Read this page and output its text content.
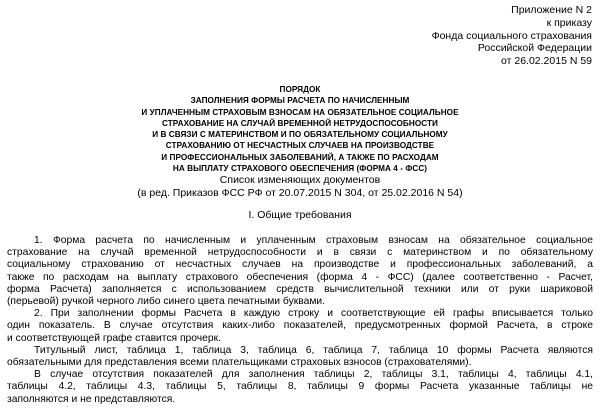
Приложение N 2
к приказу
Фонда социального страхования
Российской Федерации
от 26.02.2015 N 59
ПОРЯДОК
ЗАПОЛНЕНИЯ ФОРМЫ РАСЧЕТА ПО НАЧИСЛЕННЫМ
И УПЛАЧЕННЫМ СТРАХОВЫМ ВЗНОСАМ НА ОБЯЗАТЕЛЬНОЕ СОЦИАЛЬНОЕ
СТРАХОВАНИЕ НА СЛУЧАЙ ВРЕМЕННОЙ НЕТРУДОСПОСОБНОСТИ
И В СВЯЗИ С МАТЕРИНСТВОМ И ПО ОБЯЗАТЕЛЬНОМУ СОЦИАЛЬНОМУ
СТРАХОВАНИЮ ОТ НЕСЧАСТНЫХ СЛУЧАЕВ НА ПРОИЗВОДСТВЕ
И ПРОФЕССИОНАЛЬНЫХ ЗАБОЛЕВАНИЙ, А ТАКЖЕ ПО РАСХОДАМ
НА ВЫПЛАТУ СТРАХОВОГО ОБЕСПЕЧЕНИЯ (ФОРМА 4 - ФСС)
Список изменяющих документов
(в ред. Приказов ФСС РФ от 20.07.2015 N 304, от 25.02.2016 N 54)
I. Общие требования

1. Форма расчета по начисленным и уплаченным страховым взносам на обязательное социальное

страхование на случай временной нетрудоспособности и в связи с материнством и по обязательному

социальному страхованию от несчастных случаев на производстве и профессиональных заболеваний, а

также по расходам на выплату страхового обеспечения (форма 4 - ФСС) (далее соответственно - Расчет,

формa Расчета) заполняется с использованием средств вычислительной техники или от руки шариковой

(перьевой) ручкой черного либо синего цвета печатными буквами.

2. При заполнении формы Расчета в каждую строку и соответствующие ей графы вписывается только

один показатель. В случае отсутствия каких-либо показателей, предусмотренных формой Расчета, в строке

и соответствующей графе ставится прочерк.

Титульный лист, таблица 1, таблица 3, таблица 6, таблица 7, таблица 10 формы Расчета являются

обязательными для представления всеми плательщиками страховых взносов (страхователями).

В случае отсутствия показателей для заполнения таблицы 2, таблицы 3.1, таблицы 4, таблицы 4.1,

таблицы 4.2, таблицы 4.3, таблицы 5, таблицы 8, таблицы 9 формы Расчета указанные таблицы не

заполняются и не представляются.
